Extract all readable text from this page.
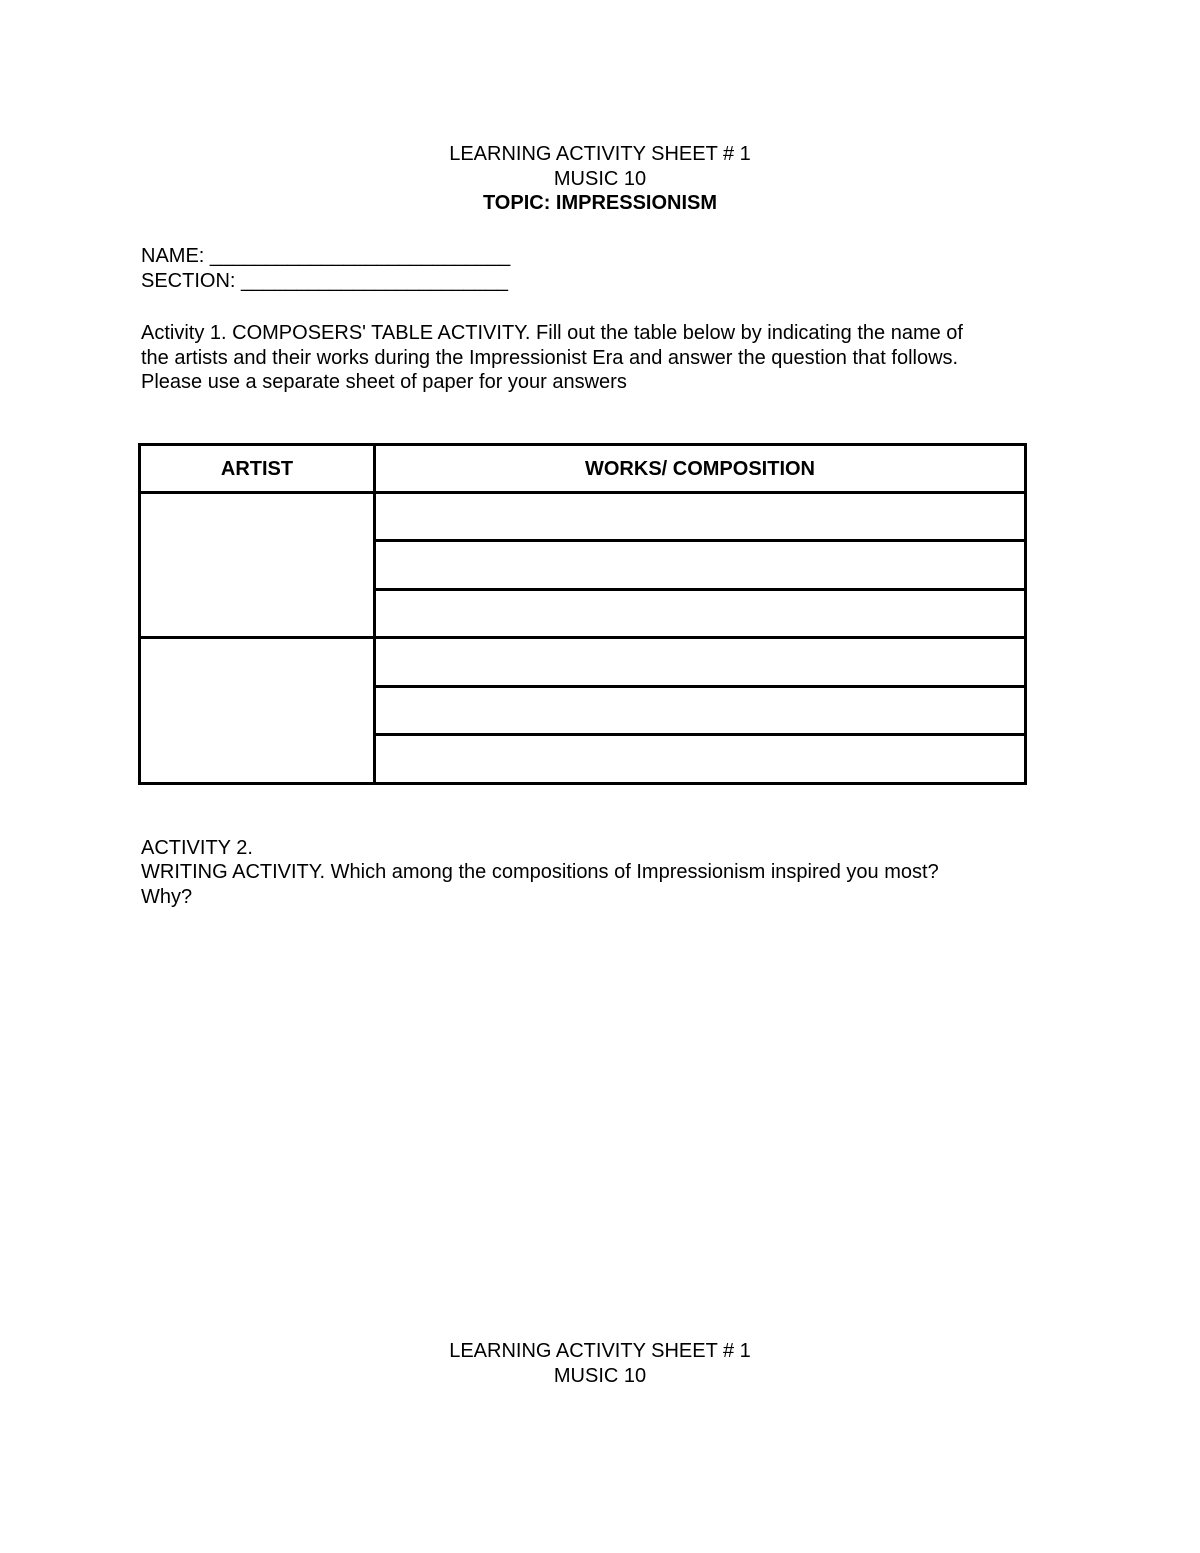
LEARNING ACTIVITY SHEET # 1
MUSIC 10
TOPIC: IMPRESSIONISM
NAME: ___________________________
SECTION: ________________________
Activity 1. COMPOSERS' TABLE ACTIVITY. Fill out the table below by indicating the name of
the artists and their works during the Impressionist Era and answer the question that follows.
Please use a separate sheet of paper for your answers
ARTIST	WORKS/ COMPOSITION
ACTIVITY 2.
WRITING ACTIVITY. Which among the compositions of Impressionism inspired you most?
Why?
LEARNING ACTIVITY SHEET # 1
MUSIC 10
